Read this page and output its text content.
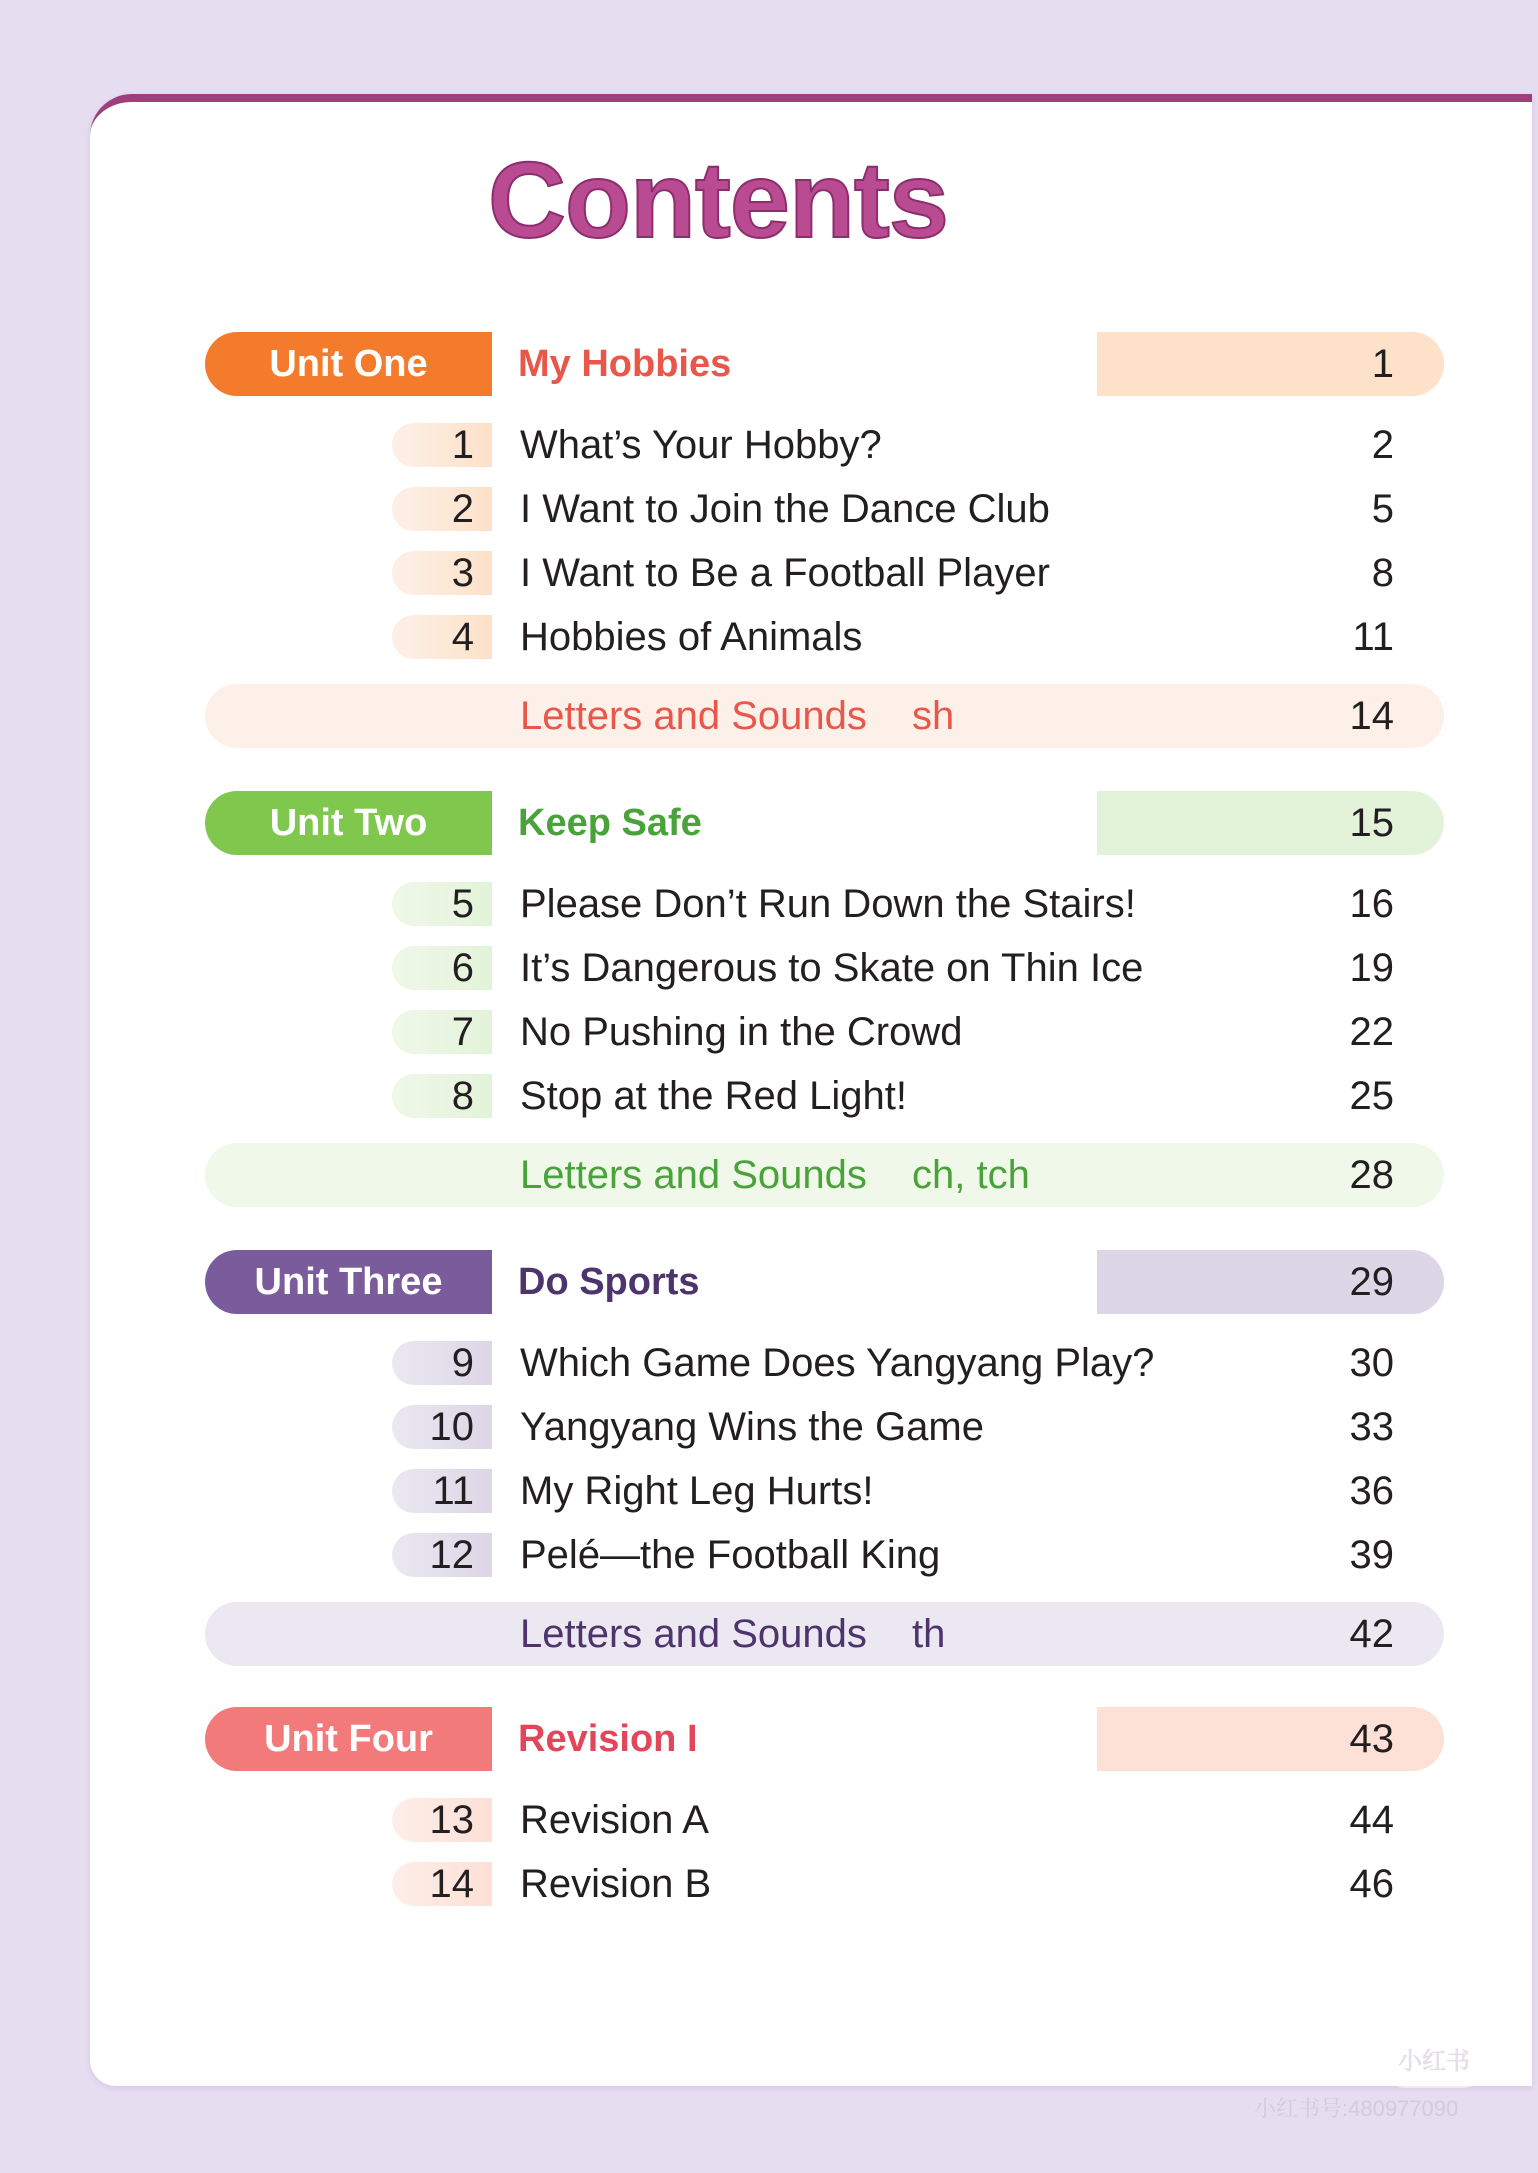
Contents
Unit One	My Hobbies	1
1 What’s Your Hobby?	2
2 I Want to Join the Dance Club	5
3 I Want to Be a Football Player	8
4 Hobbies of Animals	11
Letters and Sounds sh	14
Unit Two	Keep Safe	15
5 Please Don’t Run Down the Stairs!	16
6 It’s Dangerous to Skate on Thin Ice	19
7 No Pushing in the Crowd	22
8 Stop at the Red Light!	25
Letters and Sounds ch, tch	28
Unit Three	Do Sports	29
9 Which Game Does Yangyang Play?	30
10 Yangyang Wins the Game	33
11 My Right Leg Hurts!	36
12 Pelé—the Football King	39
Letters and Sounds th	42
Unit Four	Revision I	43
13 Revision A	44
14 Revision B	46
小红书
小红书号:480977090
